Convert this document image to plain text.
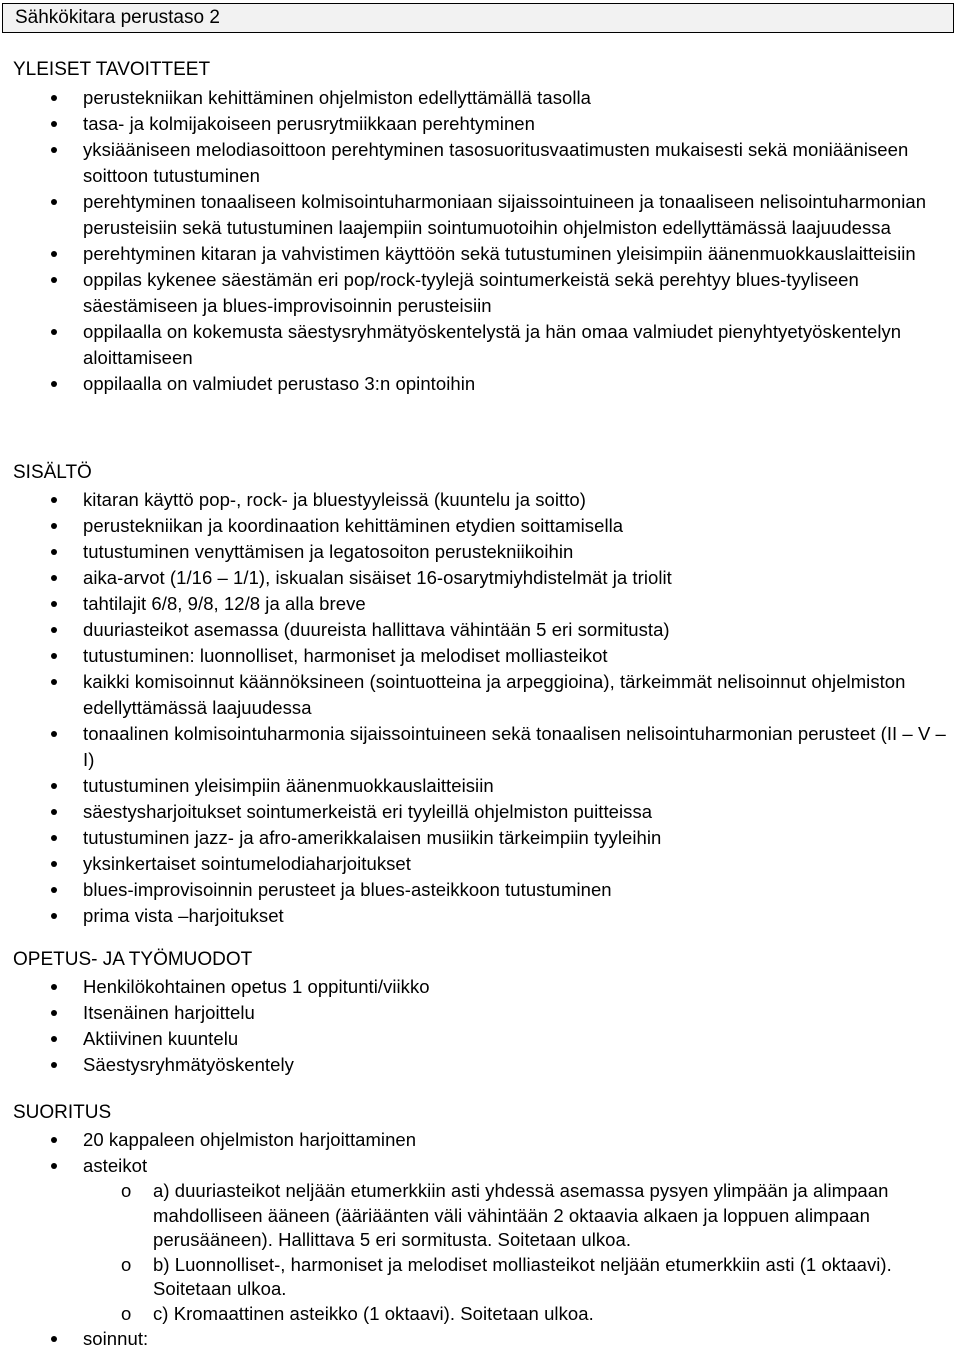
Sähkökitara perustaso 2
YLEISET TAVOITTEET
perustekniikan kehittäminen ohjelmiston edellyttämällä tasolla
tasa- ja kolmijakoiseen perusrytmiikkaan perehtyminen
yksiääniseen melodiasoittoon perehtyminen tasosuoritusvaatimusten mukaisesti sekä moniääniseen soittoon tutustuminen
perehtyminen tonaaliseen kolmisointuharmoniaan sijaissointuineen ja tonaaliseen nelisointuharmonian perusteisiin sekä tutustuminen laajempiin sointumuotoihin ohjelmiston edellyttämässä laajuudessa
perehtyminen kitaran ja vahvistimen käyttöön sekä tutustuminen yleisimpiin äänenmuokkauslaitteisiin
oppilas kykenee säestämän eri pop/rock-tyylejä sointumerkeistä sekä perehtyy blues-tyyliseen säestämiseen ja blues-improvisoinnin perusteisiin
oppilaalla on kokemusta säestysryhmätyöskentelystä ja hän omaa valmiudet pienyhtyetyöskentelyn aloittamiseen
oppilaalla on valmiudet perustaso 3:n opintoihin
SISÄLTÖ
kitaran käyttö pop-, rock- ja bluestyyleissä (kuuntelu ja soitto)
perustekniikan ja koordinaation kehittäminen etydien soittamisella
tutustuminen venyttämisen ja legatosoiton perustekniikoihin
aika-arvot (1/16 – 1/1), iskualan sisäiset 16-osarytmiyhdistelmät ja triolit
tahtilajit 6/8, 9/8, 12/8 ja alla breve
duuriasteikot asemassa (duureista hallittava vähintään 5 eri sormitusta)
tutustuminen: luonnolliset, harmoniset ja melodiset molliasteikot
kaikki komisoinnut käännöksineen (sointuotteina ja arpeggioina), tärkeimmät nelisoinnut ohjelmiston edellyttämässä laajuudessa
tonaalinen kolmisointuharmonia sijaissointuineen sekä tonaalisen nelisointuharmonian perusteet (II – V – I)
tutustuminen yleisimpiin äänenmuokkauslaitteisiin
säestysharjoitukset sointumerkeistä eri tyyleillä ohjelmiston puitteissa
tutustuminen jazz- ja afro-amerikkalaisen musiikin tärkeimpiin tyyleihin
yksinkertaiset sointumelodiaharjoitukset
blues-improvisoinnin perusteet ja blues-asteikkoon tutustuminen
prima vista –harjoitukset
OPETUS- JA TYÖMUODOT
Henkilökohtainen opetus 1 oppitunti/viikko
Itsenäinen harjoittelu
Aktiivinen kuuntelu
Säestysryhmätyöskentely
SUORITUS
20 kappaleen ohjelmiston harjoittaminen
asteikot
o a) duuriasteikot neljään etumerkkiin asti yhdessä asemassa pysyen ylimpään ja alimpaan mahdolliseen ääneen (ääriäänten väli vähintään 2 oktaavia alkaen ja loppuen alimpaan perusääneen). Hallittava 5 eri sormitusta. Soitetaan ulkoa.
o b) Luonnolliset-, harmoniset ja melodiset molliasteikot neljään etumerkkiin asti (1 oktaavi). Soitetaan ulkoa.
o c) Kromaattinen asteikko (1 oktaavi). Soitetaan ulkoa.
soinnut:
